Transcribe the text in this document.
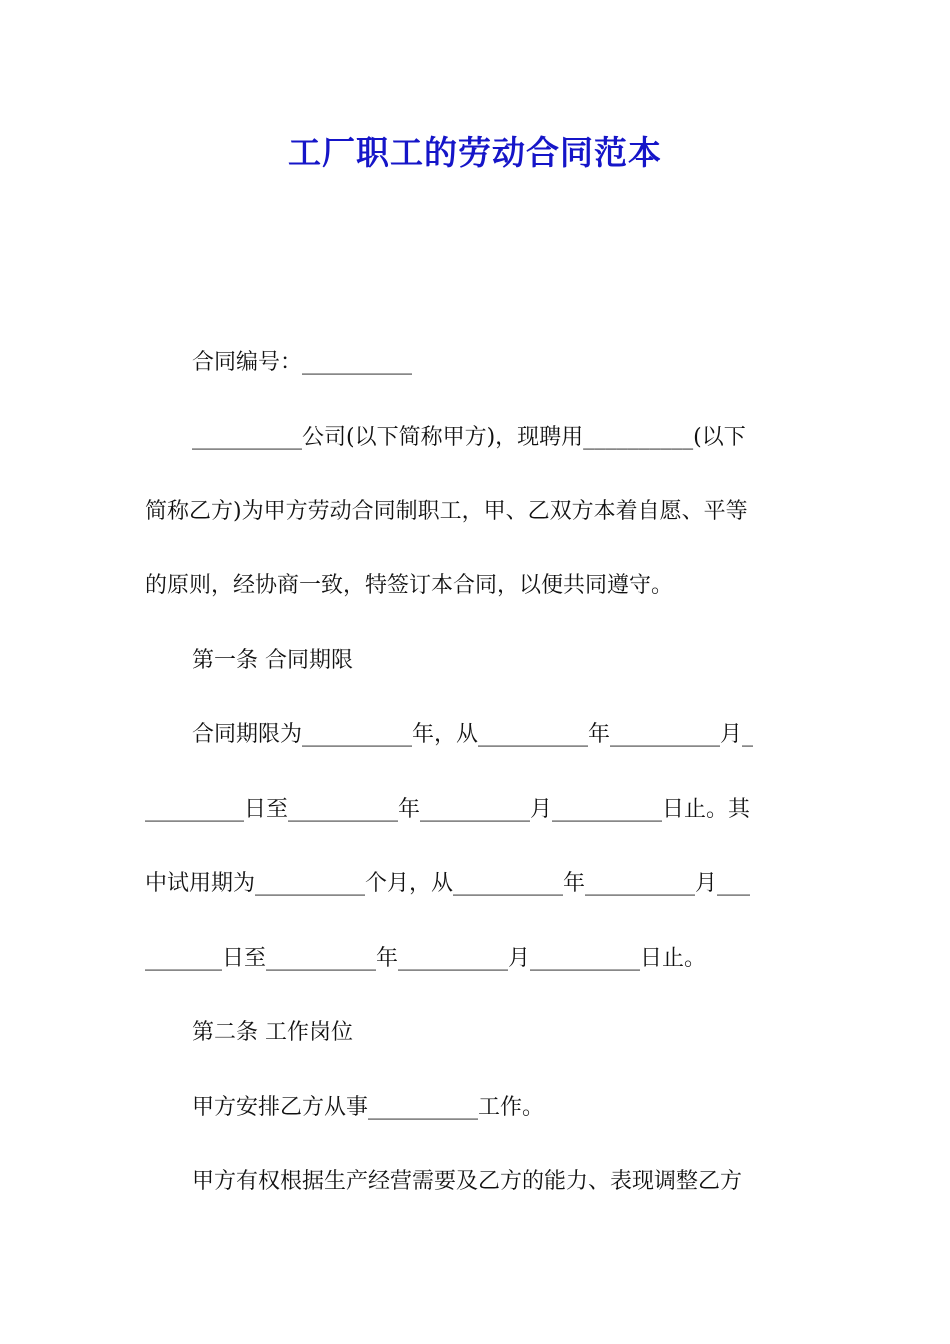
工厂职工的劳动合同范本
合同编号：__________
__________公司(以下简称甲方)，现聘用__________(以下
简称乙方)为甲方劳动合同制职工，甲、乙双方本着自愿、平等
的原则，经协商一致，特签订本合同，以便共同遵守。
第一条 合同期限
合同期限为__________年，从__________年__________月_
_________日至__________年__________月__________日止。其
中试用期为__________个月，从__________年__________月___
_______日至__________年__________月__________日止。
第二条 工作岗位
甲方安排乙方从事__________工作。
甲方有权根据生产经营需要及乙方的能力、表现调整乙方
